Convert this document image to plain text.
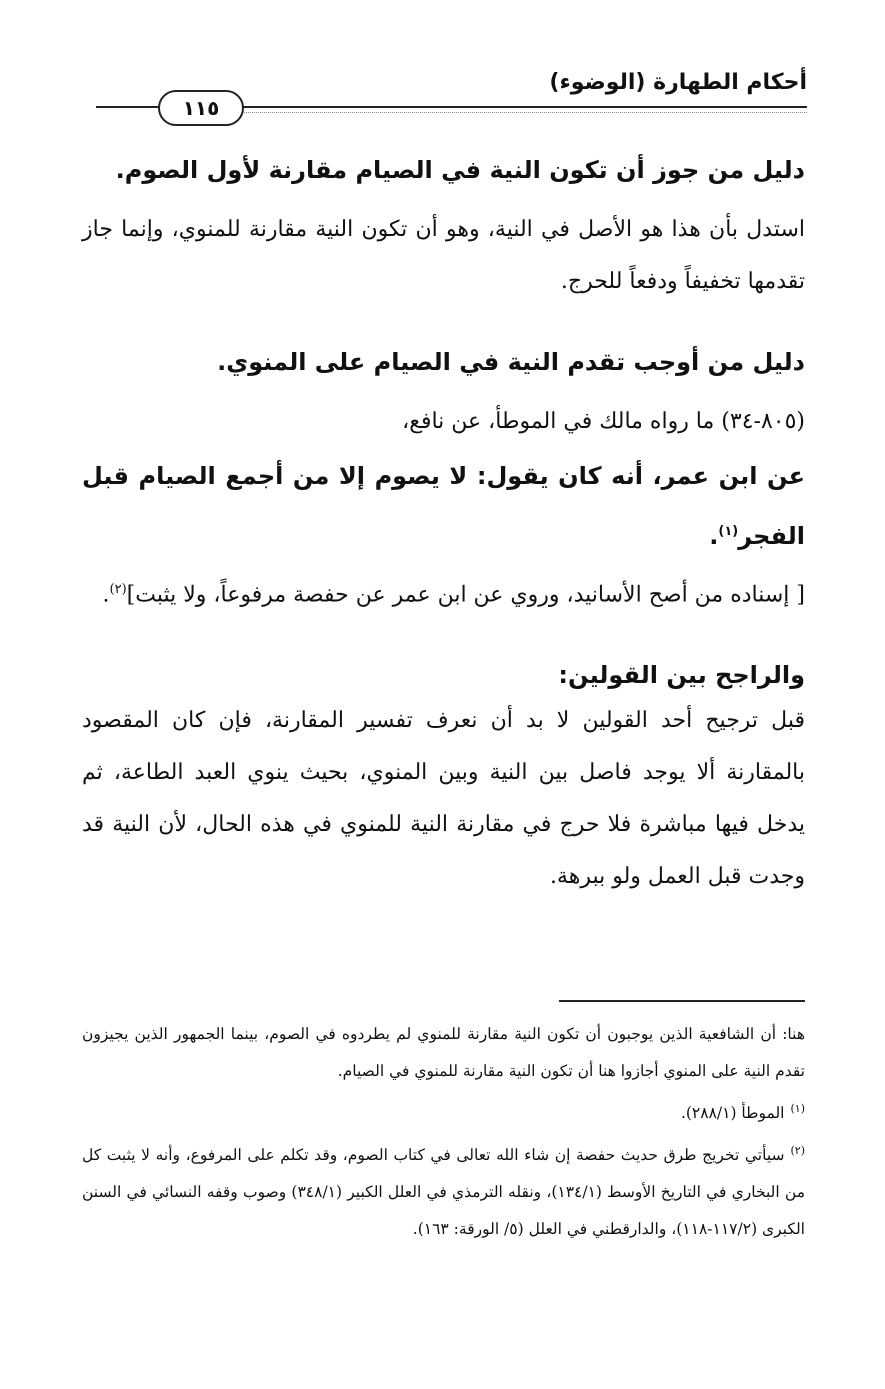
أحكام الطهارة (الوضوء)
١١٥

دليل من جوز أن تكون النية في الصيام مقارنة لأول الصوم.

استدل بأن هذا هو الأصل في النية، وهو أن تكون النية مقارنة للمنوي، وإنما جاز تقدمها تخفيفاً ودفعاً للحرج.

دليل من أوجب تقدم النية في الصيام على المنوي.

(٨٠٥-٣٤) ما رواه مالك في الموطأ، عن نافع،

عن ابن عمر، أنه كان يقول: لا يصوم إلا من أجمع الصيام قبل الفجر$^{(١)}$.

[ إسناده من أصح الأسانيد، وروي عن ابن عمر عن حفصة مرفوعاً، ولا يثبت]$^{(٢)}$.

والراجح بين القولين:

قبل ترجيح أحد القولين لا بد أن نعرف تفسير المقارنة، فإن كان المقصود بالمقارنة ألا يوجد فاصل بين النية وبين المنوي، بحيث ينوي العبد الطاعة، ثم يدخل فيها مباشرة فلا حرج في مقارنة النية للمنوي في هذه الحال، لأن النية قد وجدت قبل العمل ولو ببرهة.

هنا: أن الشافعية الذين يوجبون أن تكون النية مقارنة للمنوي لم يطردوه في الصوم، بينما الجمهور الذين يجيزون تقدم النية على المنوي أجازوا هنا أن تكون النية مقارنة للمنوي في الصيام.

$^{(١)}$الموطأ (٢٨٨/١).

$^{(٢)}$سيأتي تخريج طرق حديث حفصة إن شاء الله تعالى في كتاب الصوم، وقد تكلم على المرفوع، وأنه لا يثبت كل من البخاري في التاريخ الأوسط (١٣٤/١)، ونقله الترمذي في العلل الكبير (٣٤٨/١) وصوب وقفه النسائي في السنن الكبرى (١١٧/٢-١١٨)، والدارقطني في العلل (٥/ الورقة: ١٦٣).
